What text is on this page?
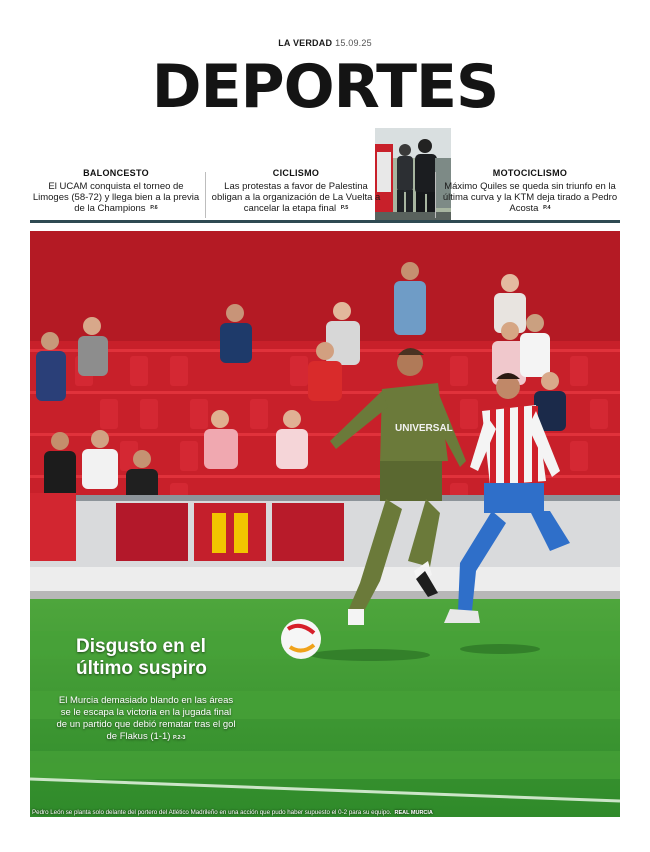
LA VERDAD 15.09.25
DEPORTES
BALONCESTO
El UCAM conquista el torneo de Limoges (58-72) y llega bien a la previa de la Champions P.6
CICLISMO
Las protestas a favor de Palestina obligan a la organización de La Vuelta a cancelar la etapa final P.5
MOTOCICLISMO
Máximo Quiles se queda sin triunfo en la última curva y la KTM deja tirado a Pedro Acosta P.4
UNIVERSAL
Disgusto en el
último suspiro
El Murcia demasiado blando en las áreas se le escapa la victoria en la jugada final de un partido que debió rematar tras el gol de Flakus (1-1) P.2-3
Pedro León se planta solo delante del portero del Atlético Madrileño en una acción que pudo haber supuesto el 0-2 para su equipo. REAL MURCIA
